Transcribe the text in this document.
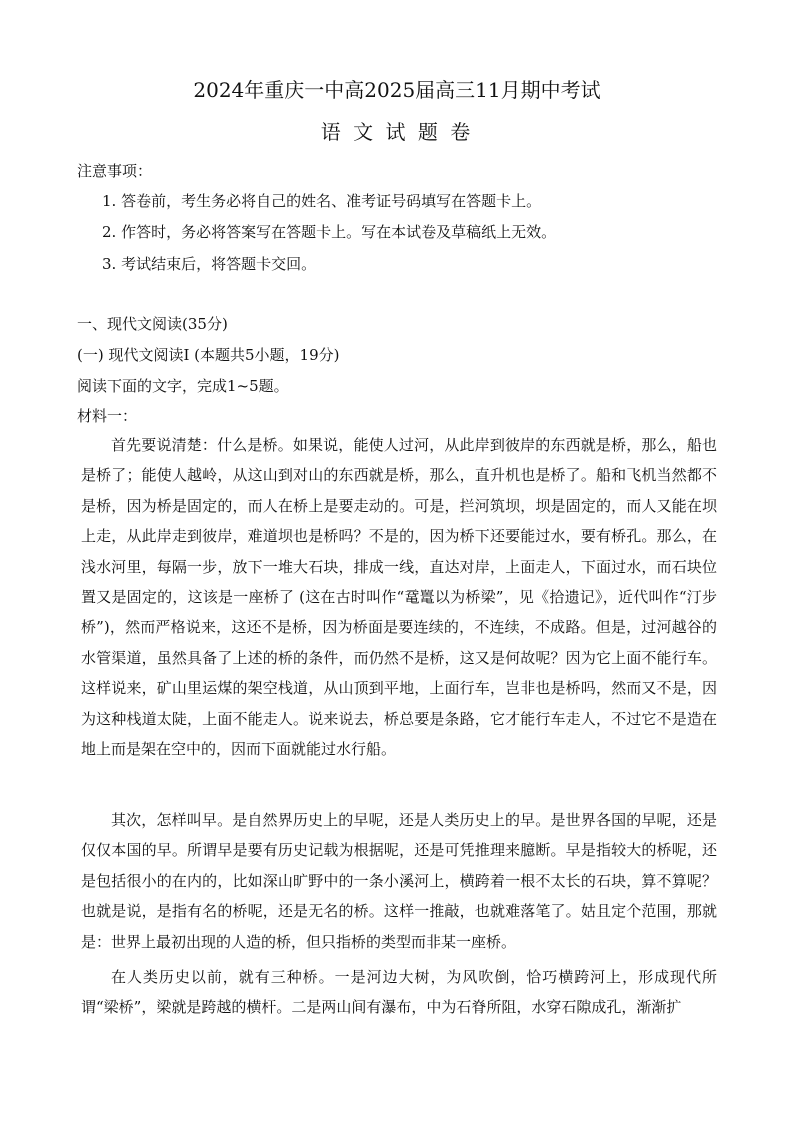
2024年重庆一中高2025届高三11月期中考试
语 文 试 题 卷
注意事项：
1. 答卷前，考生务必将自己的姓名、准考证号码填写在答题卡上。
2. 作答时，务必将答案写在答题卡上。写在本试卷及草稿纸上无效。
3. 考试结束后，将答题卡交回。
一、现代文阅读(35分)
(一) 现代文阅读I (本题共5小题，19分)
阅读下面的文字，完成1~5题。
材料一：

首先要说清楚：什么是桥。如果说，能使人过河，从此岸到彼岸的东西就是桥，那么，船也是桥了；能使人越岭，从这山到对山的东西就是桥，那么，直升机也是桥了。船和飞机当然都不是桥，因为桥是固定的，而人在桥上是要走动的。可是，拦河筑坝，坝是固定的，而人又能在坝上走，从此岸走到彼岸，难道坝也是桥吗？不是的，因为桥下还要能过水，要有桥孔。那么，在浅水河里，每隔一步，放下一堆大石块，排成一线，直达对岸，上面走人，下面过水，而石块位置又是固定的，这该是一座桥了 (这在古时叫作“鼋鼍以为桥梁”，见《拾遗记》，近代叫作“汀步桥”)，然而严格说来，这还不是桥，因为桥面是要连续的，不连续，不成路。但是，过河越谷的水管渠道，虽然具备了上述的桥的条件，而仍然不是桥，这又是何故呢？因为它上面不能行车。这样说来，矿山里运煤的架空栈道，从山顶到平地，上面行车，岂非也是桥吗，然而又不是，因为这种栈道太陡，上面不能走人。说来说去，桥总要是条路，它才能行车走人，不过它不是造在地上而是架在空中的，因而下面就能过水行船。

其次，怎样叫早。是自然界历史上的早呢，还是人类历史上的早。是世界各国的早呢，还是仅仅本国的早。所谓早是要有历史记载为根据呢，还是可凭推理来臆断。早是指较大的桥呢，还是包括很小的在内的，比如深山旷野中的一条小溪河上，横跨着一根不太长的石块，算不算呢？也就是说，是指有名的桥呢，还是无名的桥。这样一推敲，也就难落笔了。姑且定个范围，那就是：世界上最初出现的人造的桥，但只指桥的类型而非某一座桥。

在人类历史以前，就有三种桥。一是河边大树，为风吹倒，恰巧横跨河上，形成现代所谓“梁桥”，梁就是跨越的横杆。二是两山间有瀑布，中为石脊所阻，水穿石隙成孔，渐渐扩
